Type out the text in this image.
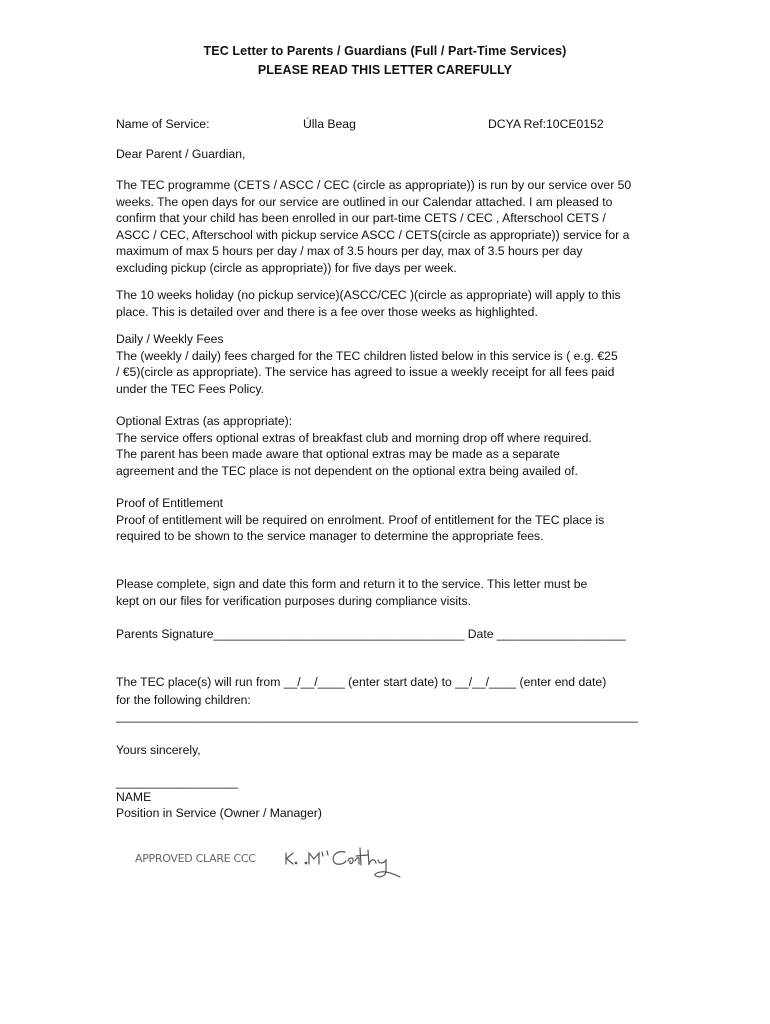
TEC Letter to Parents / Guardians (Full / Part-Time Services)
PLEASE READ THIS LETTER CAREFULLY
Name of Service:	Úlla Beag	DCYA Ref:10CE0152
Dear Parent / Guardian,
The TEC programme (CETS / ASCC / CEC (circle as appropriate)) is run by our service over 50
weeks. The open days for our service are outlined in our Calendar attached. I am pleased to
confirm that your child has been enrolled in our part-time CETS / CEC , Afterschool CETS /
ASCC / CEC, Afterschool with pickup service ASCC / CETS(circle as appropriate)) service for a
maximum of max 5 hours per day / max of 3.5 hours per day, max of 3.5 hours per day
excluding pickup (circle as appropriate)) for five days per week.
The 10 weeks holiday (no pickup service)(ASCC/CEC )(circle as appropriate) will apply to this
place. This is detailed over and there is a fee over those weeks as highlighted.
Daily / Weekly Fees
The (weekly / daily) fees charged for the TEC children listed below in this service is ( e.g. €25
/ €5)(circle as appropriate). The service has agreed to issue a weekly receipt for all fees paid
under the TEC Fees Policy.
Optional Extras (as appropriate):
The service offers optional extras of breakfast club and morning drop off where required.
The parent has been made aware that optional extras may be made as a separate
agreement and the TEC place is not dependent on the optional extra being availed of.
Proof of Entitlement
Proof of entitlement will be required on enrolment. Proof of entitlement for the TEC place is
required to be shown to the service manager to determine the appropriate fees.
Please complete, sign and date this form and return it to the service. This letter must be
kept on our files for verification purposes during compliance visits.
Parents Signature_____________________________________ Date ___________________
The TEC place(s) will run from __/__/____ (enter start date) to __/__/____ (enter end date)
for the following children:
_____________________________________________________________________________
Yours sincerely,
__________________
NAME
Position in Service (Owner / Manager)
APPROVED CLARE CCC
